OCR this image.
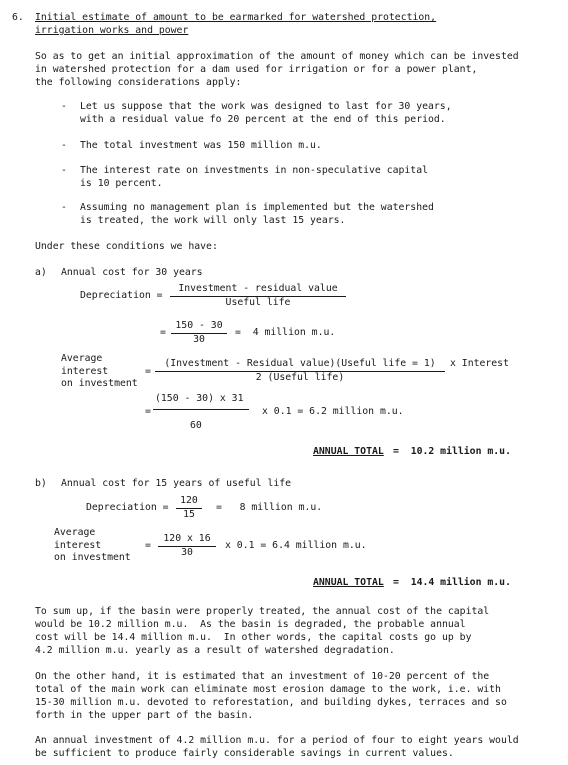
6. Initial estimate of amount to be earmarked for watershed protection,
irrigation works and power
So as to get an initial approximation of the amount of money which can be invested
in watershed protection for a dam used for irrigation or for a power plant,
the following considerations apply:
- Let us suppose that the work was designed to last for 30 years,
with a residual value fo 20 percent at the end of this period.
- The total investment was 150 million m.u.
- The interest rate on investments in non-speculative capital
is 10 percent.
- Assuming no management plan is implemented but the watershed
is treated, the work will only last 15 years.
Under these conditions we have:
a) Annual cost for 30 years
Depreciation =
Investment - residual value
Useful life
= $\frac{150 - 30}{30} = 4$ million m.u.
Average
interest
on investment
=
(Investment - Residual value)(Useful life = 1)
2 (Useful life)
x Interest
=
(150 - 30) x 31
60
x 0.1 = 6.2 million m.u.
ANNUAL TOTAL =  10.2 million m.u.
b) Annual cost for 15 years of useful life
Depreciation = $\frac{120}{15} = 8$ million m.u.
Average
interest
on investment
= $\frac{120 x 16}{30}$ x 0.1 = 6.4 million m.u.
ANNUAL TOTAL =  14.4 million m.u.
To sum up, if the basin were properly treated, the annual cost of the capital
would be 10.2 million m.u.  As the basin is degraded, the probable annual
cost will be 14.4 million m.u.  In other words, the capital costs go up by
4.2 million m.u. yearly as a result of watershed degradation.
On the other hand, it is estimated that an investment of 10-20 percent of the
total of the main work can eliminate most erosion damage to the work, i.e. with
15-30 million m.u. devoted to reforestation, and building dykes, terraces and so
forth in the upper part of the basin.
An annual investment of 4.2 million m.u. for a period of four to eight years would
be sufficient to produce fairly considerable savings in current values.
